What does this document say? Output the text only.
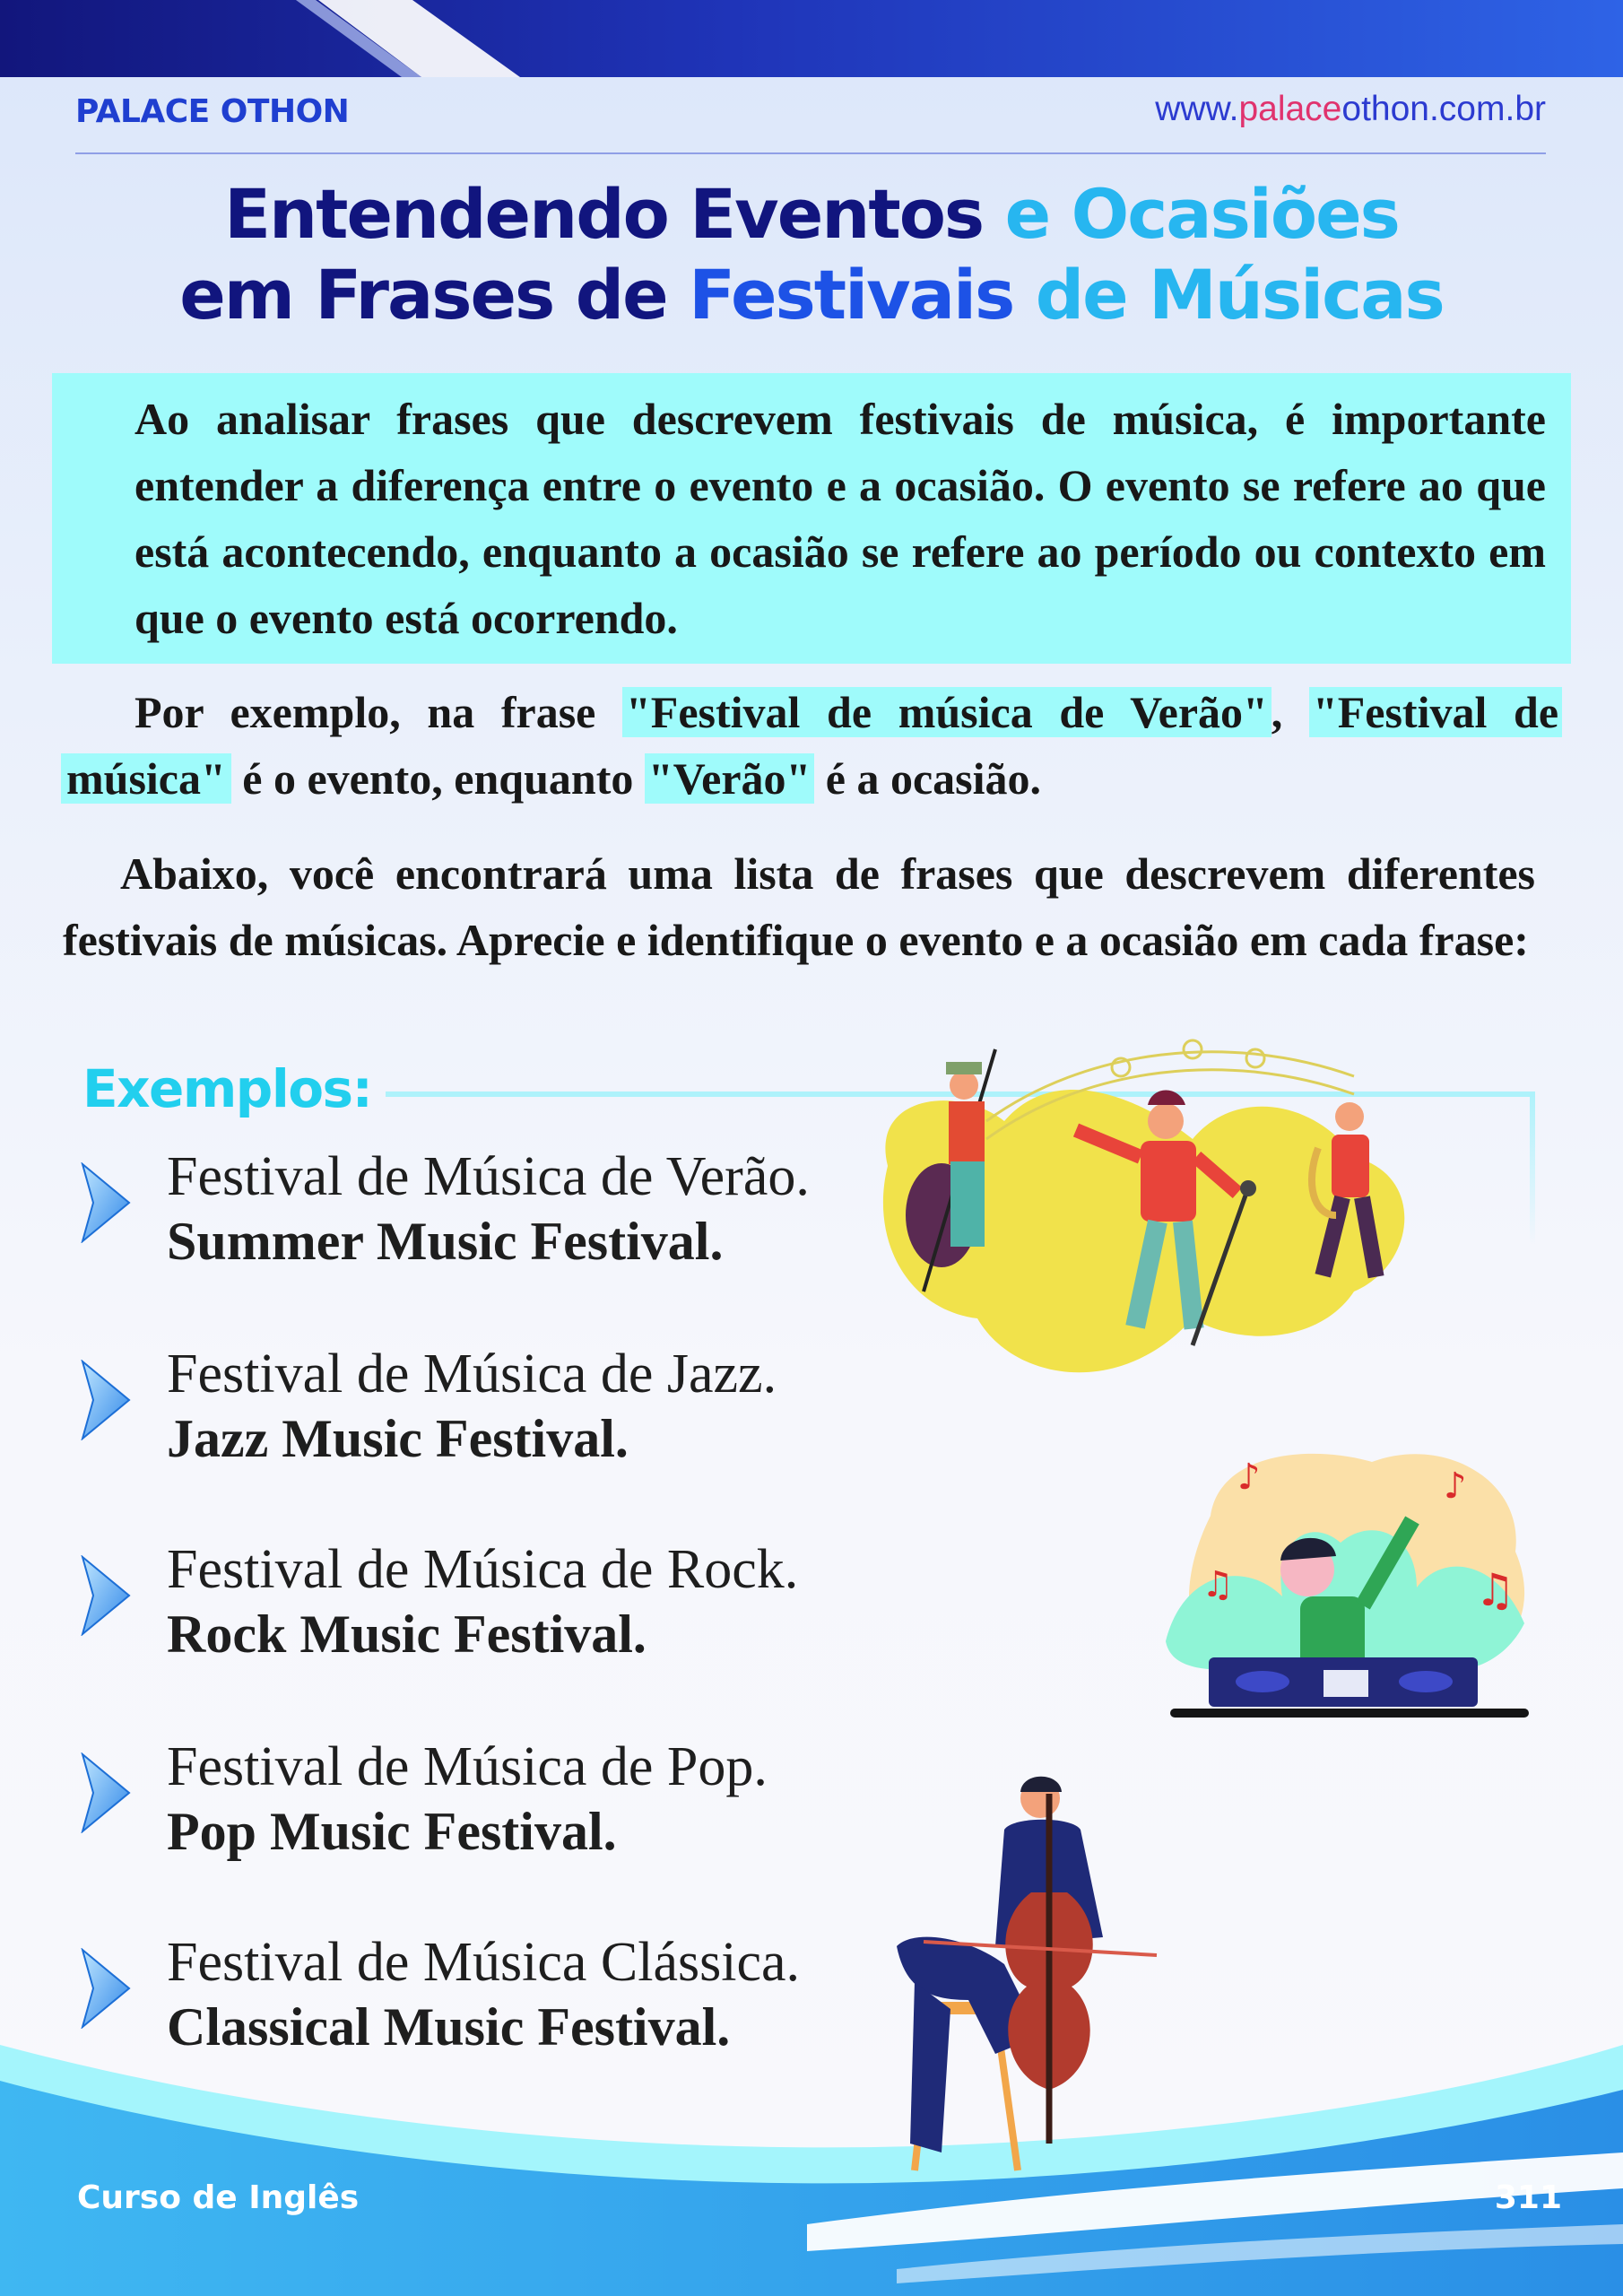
PALACE OTHON	www.palaceothon.com.br
Entendendo Eventos e Ocasiões
em Frases de Festivais de Músicas
Ao analisar frases que descrevem festivais de música, é importante entender a diferença entre o evento e a ocasião. O evento se refere ao que está acontecendo, enquanto a ocasião se refere ao período ou contexto em que o evento está ocorrendo.
Por exemplo, na frase "Festival de música de Verão", "Festival de música" é o evento, enquanto "Verão" é a ocasião.
Abaixo, você encontrará uma lista de frases que descrevem diferentes festivais de músicas. Aprecie e identifique o evento e a ocasião em cada frase:
Exemplos:
Festival de Música de Verão.
Summer Music Festival.
Festival de Música de Jazz.
Jazz Music Festival.
Festival de Música de Rock.
Rock Music Festival.
Festival de Música de Pop.
Pop Music Festival.
Festival de Música Clássica.
Classical Music Festival.
♪	♪
♫	♫
Curso de Inglês	311
